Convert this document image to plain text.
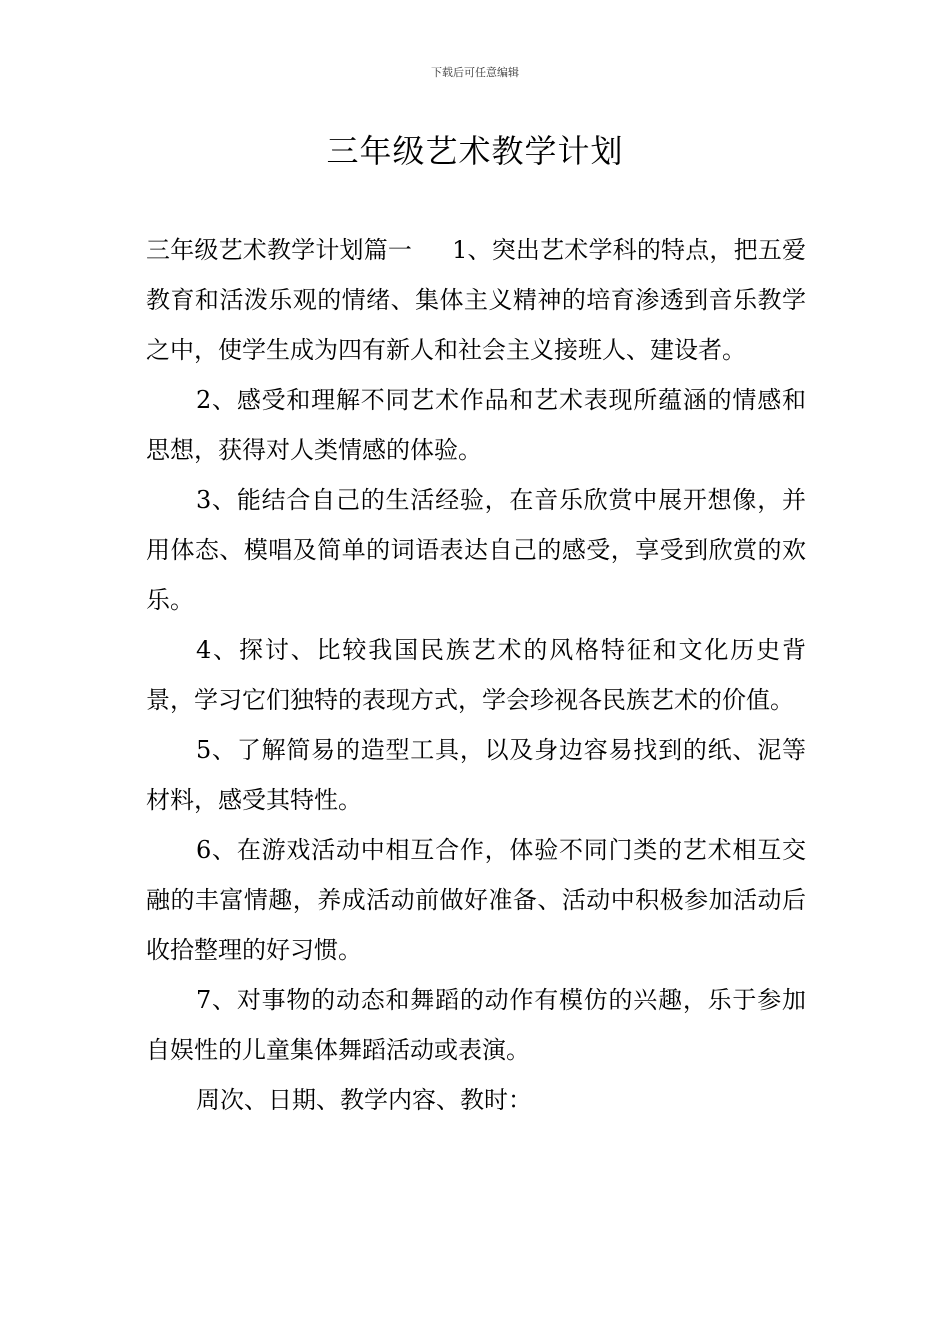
下载后可任意编辑
三年级艺术教学计划

三年级艺术教学计划篇一 1、突出艺术学科的特点，把五爱教育和活泼乐观的情绪、集体主义精神的培育渗透到音乐教学之中，使学生成为四有新人和社会主义接班人、建设者。

2、感受和理解不同艺术作品和艺术表现所蕴涵的情感和思想，获得对人类情感的体验。

3、能结合自己的生活经验，在音乐欣赏中展开想像，并用体态、模唱及简单的词语表达自己的感受，享受到欣赏的欢乐。

4、探讨、比较我国民族艺术的风格特征和文化历史背景，学习它们独特的表现方式，学会珍视各民族艺术的价值。

5、了解简易的造型工具，以及身边容易找到的纸、泥等材料，感受其特性。

6、在游戏活动中相互合作，体验不同门类的艺术相互交融的丰富情趣，养成活动前做好准备、活动中积极参加活动后收拾整理的好习惯。

7、对事物的动态和舞蹈的动作有模仿的兴趣，乐于参加自娱性的儿童集体舞蹈活动或表演。

周次、日期、教学内容、教时：
